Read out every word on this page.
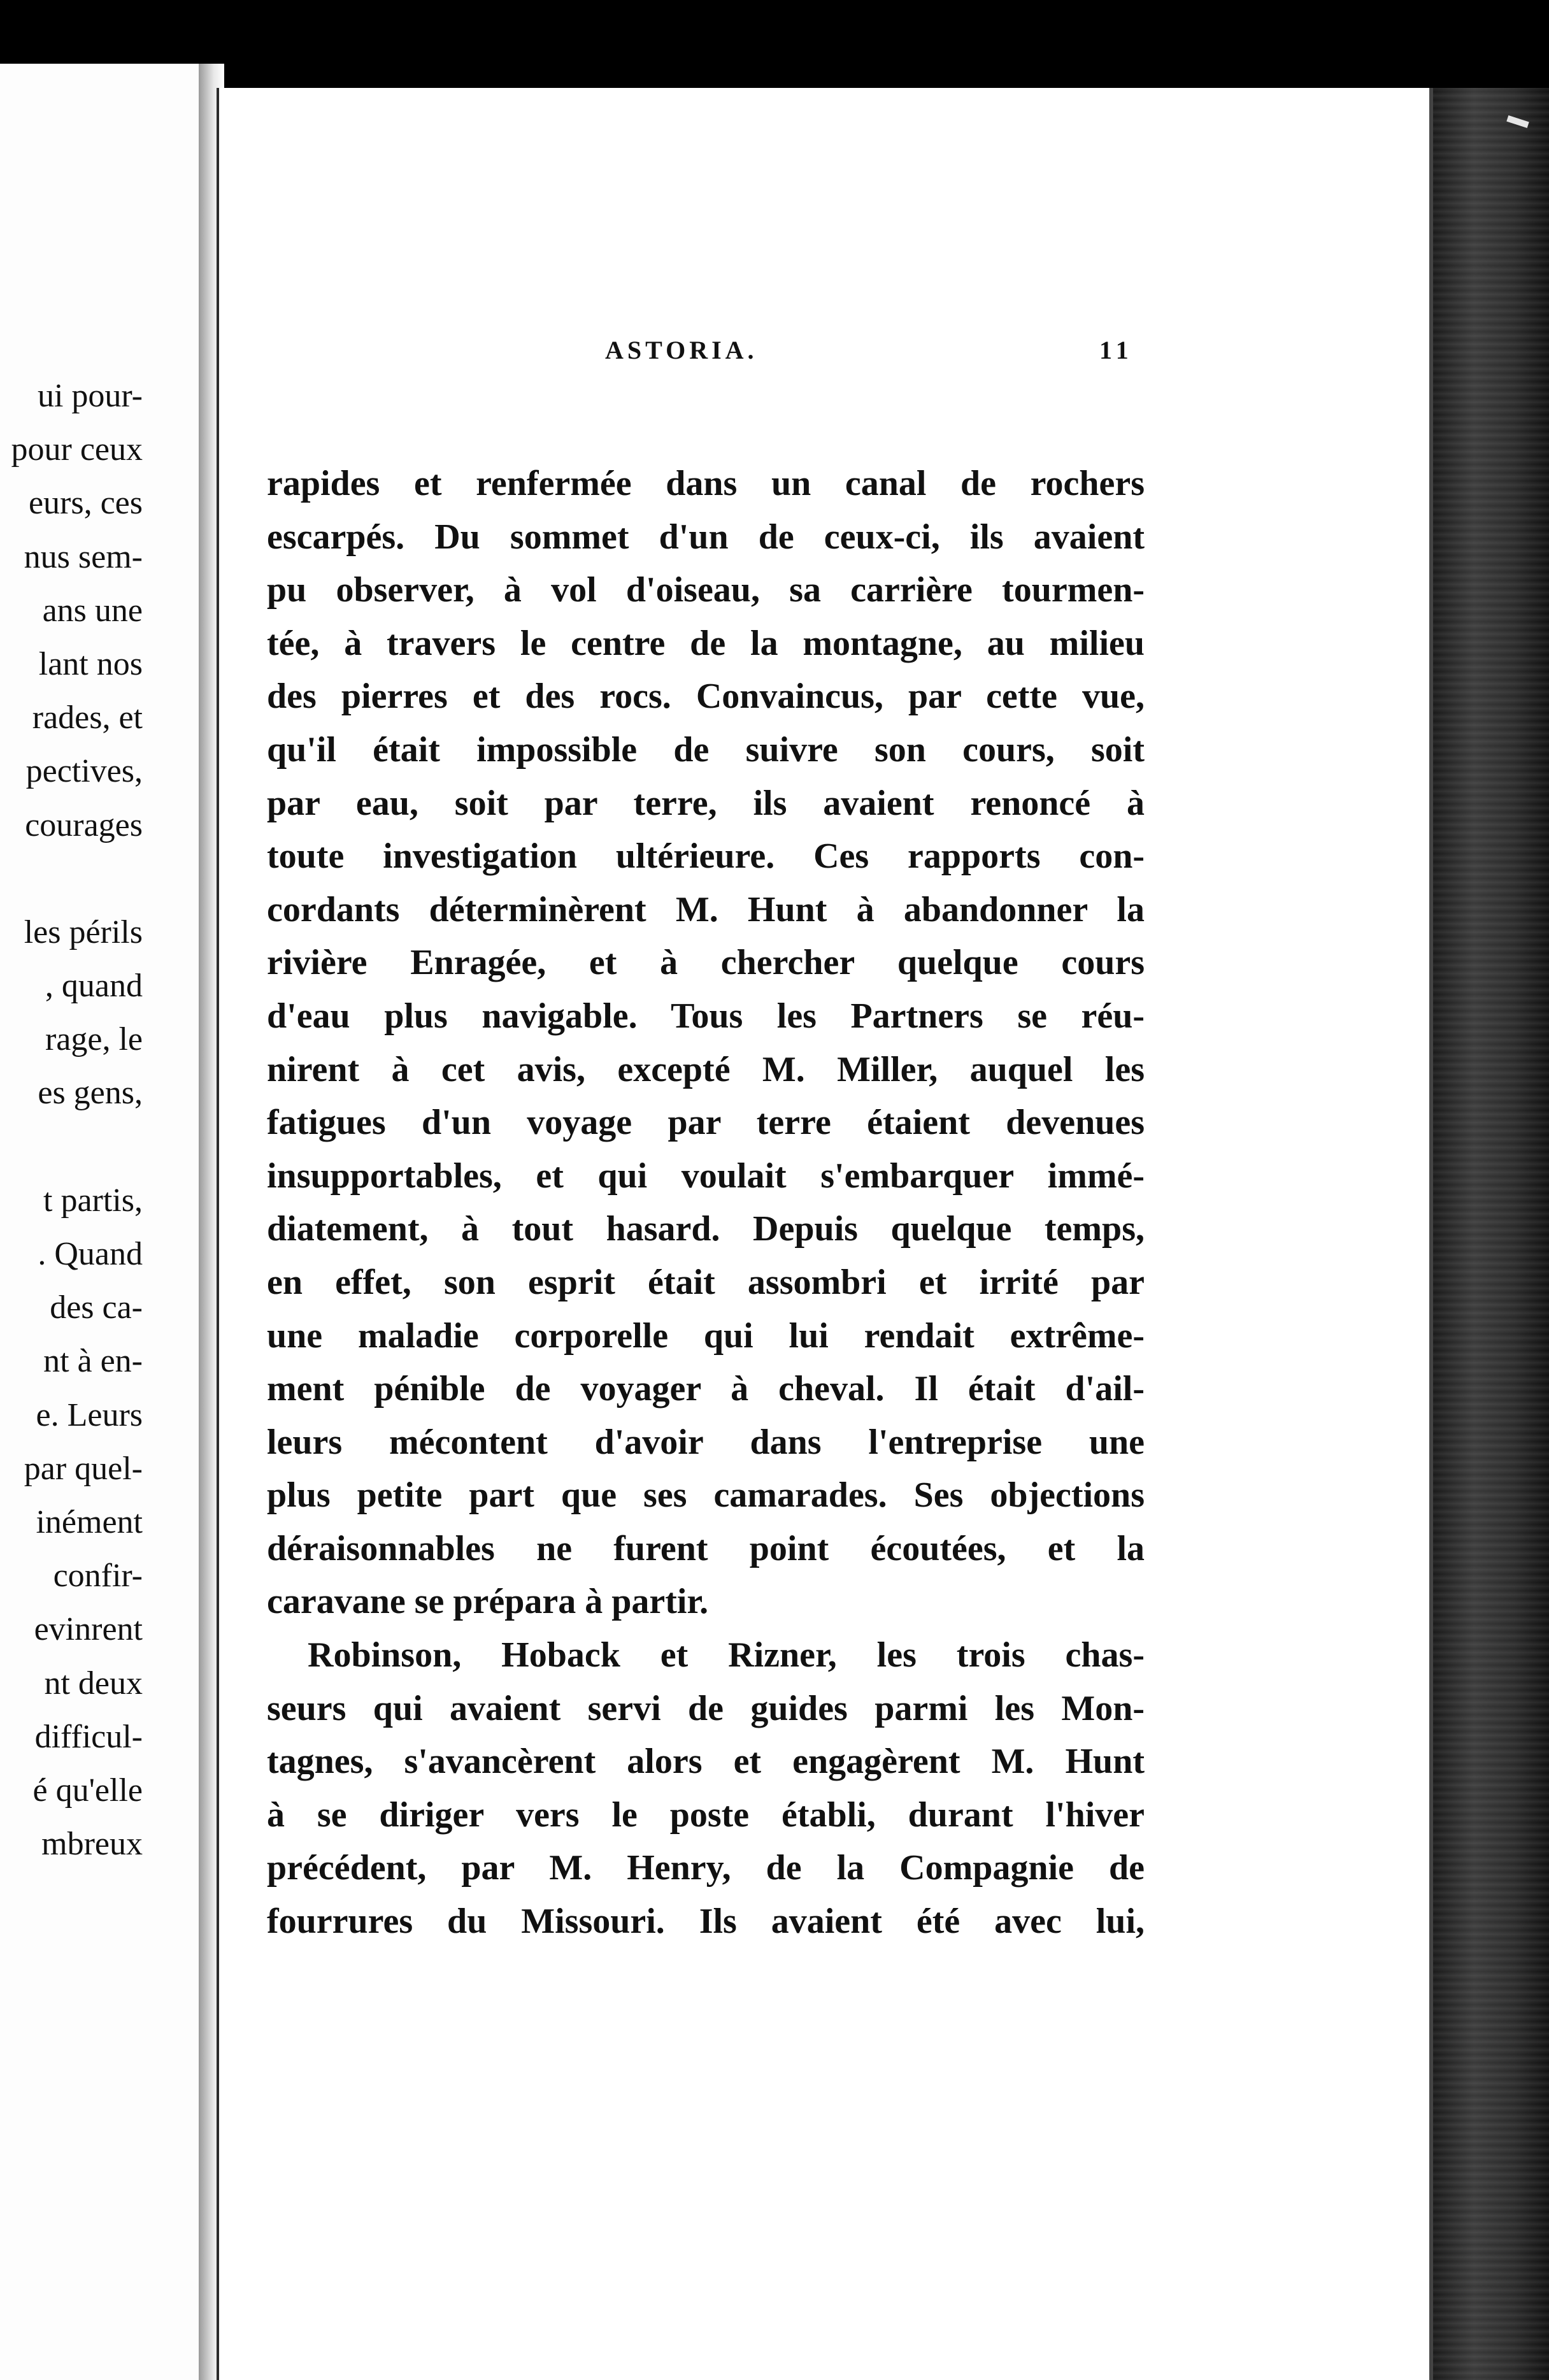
ui pour-
pour ceux
eurs, ces
nus sem-
ans une
lant nos
rades, et
pectives,
courages
les périls
, quand
rage, le
es gens,
t partis,
. Quand
des ca-
nt à en-
e. Leurs
par quel-
inément
confir-
evinrent
nt deux
difficul-
é qu'elle
mbreux
ASTORIA.	11
rapides et renfermée dans un canal de rochers
escarpés. Du sommet d'un de ceux-ci, ils avaient
pu observer, à vol d'oiseau, sa carrière tourmen-
tée, à travers le centre de la montagne, au milieu
des pierres et des rocs. Convaincus, par cette vue,
qu'il était impossible de suivre son cours, soit
par eau, soit par terre, ils avaient renoncé à
toute investigation ultérieure. Ces rapports con-
cordants déterminèrent M. Hunt à abandonner la
rivière Enragée, et à chercher quelque cours
d'eau plus navigable. Tous les Partners se réu-
nirent à cet avis, excepté M. Miller, auquel les
fatigues d'un voyage par terre étaient devenues
insupportables, et qui voulait s'embarquer immé-
diatement, à tout hasard. Depuis quelque temps,
en effet, son esprit était assombri et irrité par
une maladie corporelle qui lui rendait extrême-
ment pénible de voyager à cheval. Il était d'ail-
leurs mécontent d'avoir dans l'entreprise une
plus petite part que ses camarades. Ses objections
déraisonnables ne furent point écoutées, et la
caravane se prépara à partir.
Robinson, Hoback et Rizner, les trois chas-
seurs qui avaient servi de guides parmi les Mon-
tagnes, s'avancèrent alors et engagèrent M. Hunt
à se diriger vers le poste établi, durant l'hiver
précédent, par M. Henry, de la Compagnie de
fourrures du Missouri. Ils avaient été avec lui,
